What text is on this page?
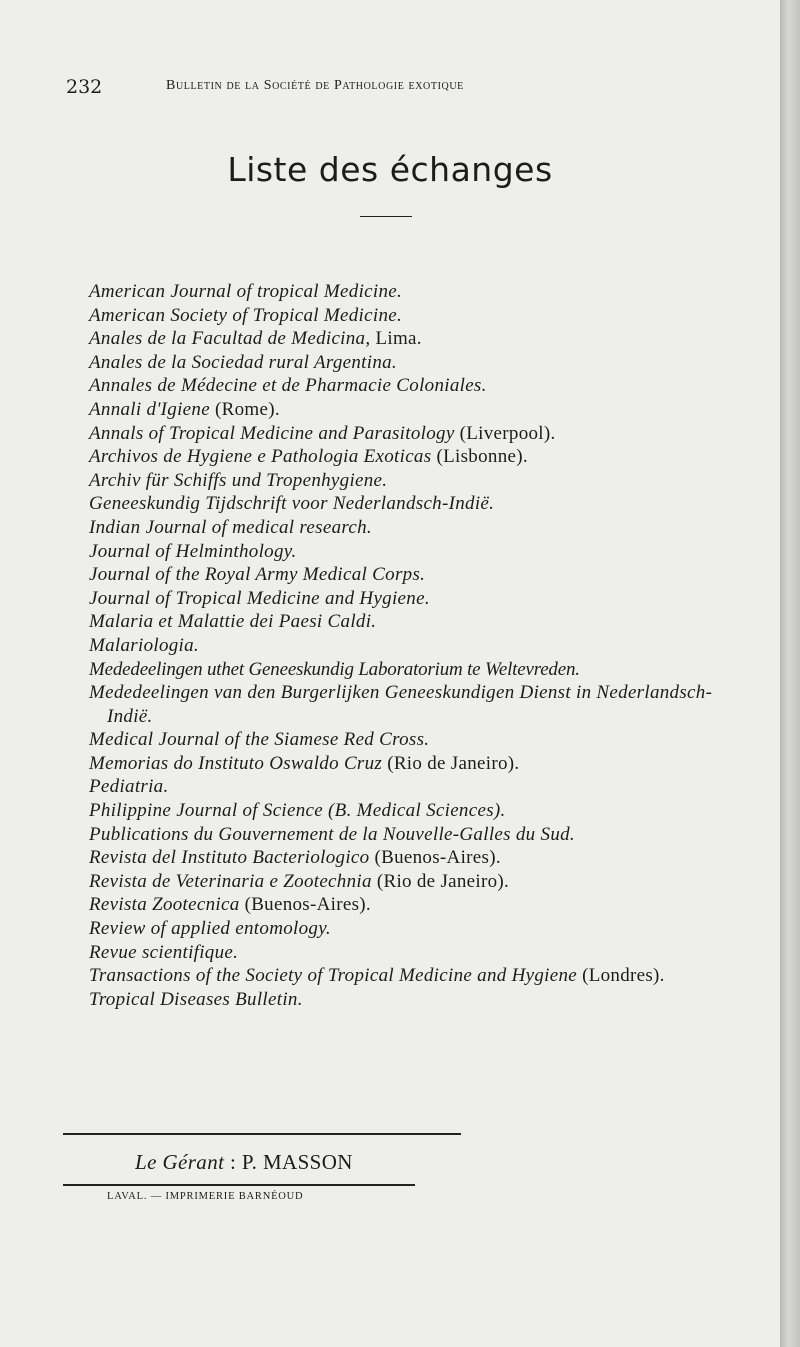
232	Bulletin de la Société de Pathologie exotique
Liste des échanges
American Journal of tropical Medicine.
American Society of Tropical Medicine.
Anales de la Facultad de Medicina, Lima.
Anales de la Sociedad rural Argentina.
Annales de Médecine et de Pharmacie Coloniales.
Annali d'Igiene (Rome).
Annals of Tropical Medicine and Parasitology (Liverpool).
Archivos de Hygiene e Pathologia Exoticas (Lisbonne).
Archiv für Schiffs und Tropenhygiene.
Geneeskundig Tijdschrift voor Nederlandsch-Indië.
Indian Journal of medical research.
Journal of Helminthology.
Journal of the Royal Army Medical Corps.
Journal of Tropical Medicine and Hygiene.
Malaria et Malattie dei Paesi Caldi.
Malariologia.
Mededeelingen uthet Geneeskundig Laboratorium te Weltevreden.
Mededeelingen van den Burgerlijken Geneeskundigen Dienst in Nederlandsch-Indië.
Medical Journal of the Siamese Red Cross.
Memorias do Instituto Oswaldo Cruz (Rio de Janeiro).
Pediatria.
Philippine Journal of Science (B. Medical Sciences).
Publications du Gouvernement de la Nouvelle-Galles du Sud.
Revista del Instituto Bacteriologico (Buenos-Aires).
Revista de Veterinaria e Zootechnia (Rio de Janeiro).
Revista Zootecnica (Buenos-Aires).
Review of applied entomology.
Revue scientifique.
Transactions of the Society of Tropical Medicine and Hygiene (Londres).
Tropical Diseases Bulletin.
Le Gérant : P. MASSON
LAVAL. — IMPRIMERIE BARNÉOUD
